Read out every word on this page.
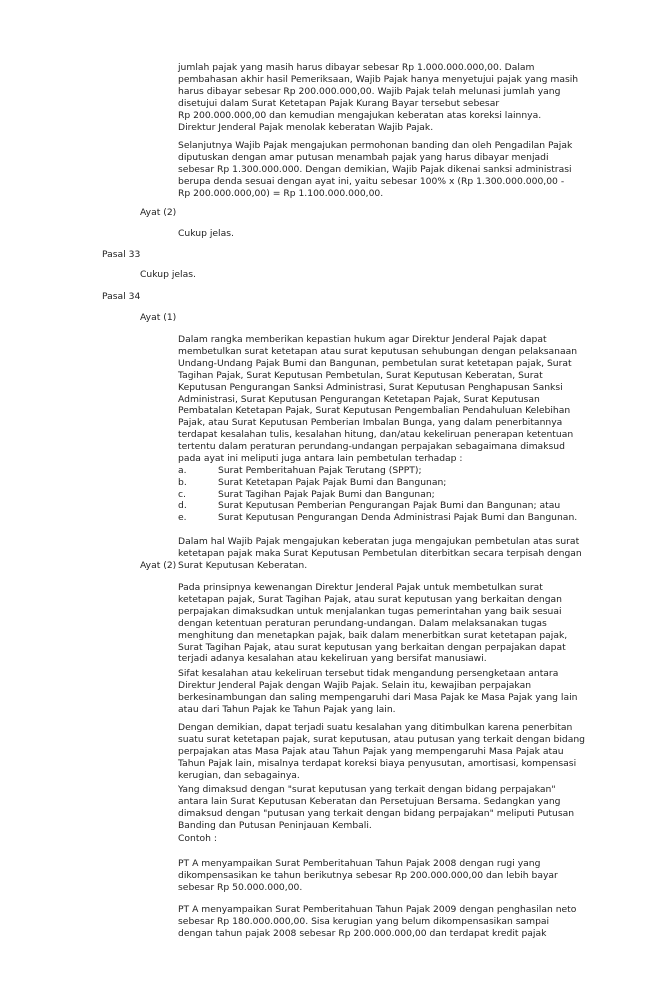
jumlah pajak yang masih harus dibayar sebesar Rp 1.000.000.000,00. Dalam
pembahasan akhir hasil Pemeriksaan, Wajib Pajak hanya menyetujui pajak yang masih
harus dibayar sebesar Rp 200.000.000,00. Wajib Pajak telah melunasi jumlah yang
disetujui dalam Surat Ketetapan Pajak Kurang Bayar tersebut sebesar
Rp 200.000.000,00 dan kemudian mengajukan keberatan atas koreksi lainnya.
Direktur Jenderal Pajak menolak keberatan Wajib Pajak.
Selanjutnya Wajib Pajak mengajukan permohonan banding dan oleh Pengadilan Pajak
diputuskan dengan amar putusan menambah pajak yang harus dibayar menjadi
sebesar Rp 1.300.000.000. Dengan demikian, Wajib Pajak dikenai sanksi administrasi
berupa denda sesuai dengan ayat ini, yaitu sebesar 100% x (Rp 1.300.000.000,00 -
Rp 200.000.000,00) = Rp 1.100.000.000,00.
Ayat (2)
Cukup jelas.
Pasal 33
Cukup jelas.
Pasal 34
Ayat (1)
Dalam rangka memberikan kepastian hukum agar Direktur Jenderal Pajak dapat
membetulkan surat ketetapan atau surat keputusan sehubungan dengan pelaksanaan
Undang-Undang Pajak Bumi dan Bangunan, pembetulan surat ketetapan pajak, Surat
Tagihan Pajak, Surat Keputusan Pembetulan, Surat Keputusan Keberatan, Surat
Keputusan Pengurangan Sanksi Administrasi, Surat Keputusan Penghapusan Sanksi
Administrasi, Surat Keputusan Pengurangan Ketetapan Pajak, Surat Keputusan
Pembatalan Ketetapan Pajak, Surat Keputusan Pengembalian Pendahuluan Kelebihan
Pajak, atau Surat Keputusan Pemberian Imbalan Bunga, yang dalam penerbitannya
terdapat kesalahan tulis, kesalahan hitung, dan/atau kekeliruan penerapan ketentuan
tertentu dalam peraturan perundang-undangan perpajakan sebagaimana dimaksud
pada ayat ini meliputi juga antara lain pembetulan terhadap :
a.	Surat Pemberitahuan Pajak Terutang (SPPT);
b.	Surat Ketetapan Pajak Pajak Bumi dan Bangunan;
c.	Surat Tagihan Pajak Pajak Bumi dan Bangunan;
d.	Surat Keputusan Pemberian Pengurangan Pajak Bumi dan Bangunan; atau
e.	Surat Keputusan Pengurangan Denda Administrasi Pajak Bumi dan Bangunan.
Dalam hal Wajib Pajak mengajukan keberatan juga mengajukan pembetulan atas surat
ketetapan pajak maka Surat Keputusan Pembetulan diterbitkan secara terpisah dengan
Surat Keputusan Keberatan.
Ayat (2)
Pada prinsipnya kewenangan Direktur Jenderal Pajak untuk membetulkan surat
ketetapan pajak, Surat Tagihan Pajak, atau surat keputusan yang berkaitan dengan
perpajakan dimaksudkan untuk menjalankan tugas pemerintahan yang baik sesuai
dengan ketentuan peraturan perundang-undangan. Dalam melaksanakan tugas
menghitung dan menetapkan pajak, baik dalam menerbitkan surat ketetapan pajak,
Surat Tagihan Pajak, atau surat keputusan yang berkaitan dengan perpajakan dapat
terjadi adanya kesalahan atau kekeliruan yang bersifat manusiawi.
Sifat kesalahan atau kekeliruan tersebut tidak mengandung persengketaan antara
Direktur Jenderal Pajak dengan Wajib Pajak. Selain itu, kewajiban perpajakan
berkesinambungan dan saling mempengaruhi dari Masa Pajak ke Masa Pajak yang lain
atau dari Tahun Pajak ke Tahun Pajak yang lain.
Dengan demikian, dapat terjadi suatu kesalahan yang ditimbulkan karena penerbitan
suatu surat ketetapan pajak, surat keputusan, atau putusan yang terkait dengan bidang
perpajakan atas Masa Pajak atau Tahun Pajak yang mempengaruhi Masa Pajak atau
Tahun Pajak lain, misalnya terdapat koreksi biaya penyusutan, amortisasi, kompensasi
kerugian, dan sebagainya.
Yang dimaksud dengan "surat keputusan yang terkait dengan bidang perpajakan"
antara lain Surat Keputusan Keberatan dan Persetujuan Bersama. Sedangkan yang
dimaksud dengan "putusan yang terkait dengan bidang perpajakan" meliputi Putusan
Banding dan Putusan Peninjauan Kembali.
Contoh :
PT A menyampaikan Surat Pemberitahuan Tahun Pajak 2008 dengan rugi yang
dikompensasikan ke tahun berikutnya sebesar Rp 200.000.000,00 dan lebih bayar
sebesar Rp 50.000.000,00.
PT A menyampaikan Surat Pemberitahuan Tahun Pajak 2009 dengan penghasilan neto
sebesar Rp 180.000.000,00. Sisa kerugian yang belum dikompensasikan sampai
dengan tahun pajak 2008 sebesar Rp 200.000.000,00 dan terdapat kredit pajak
